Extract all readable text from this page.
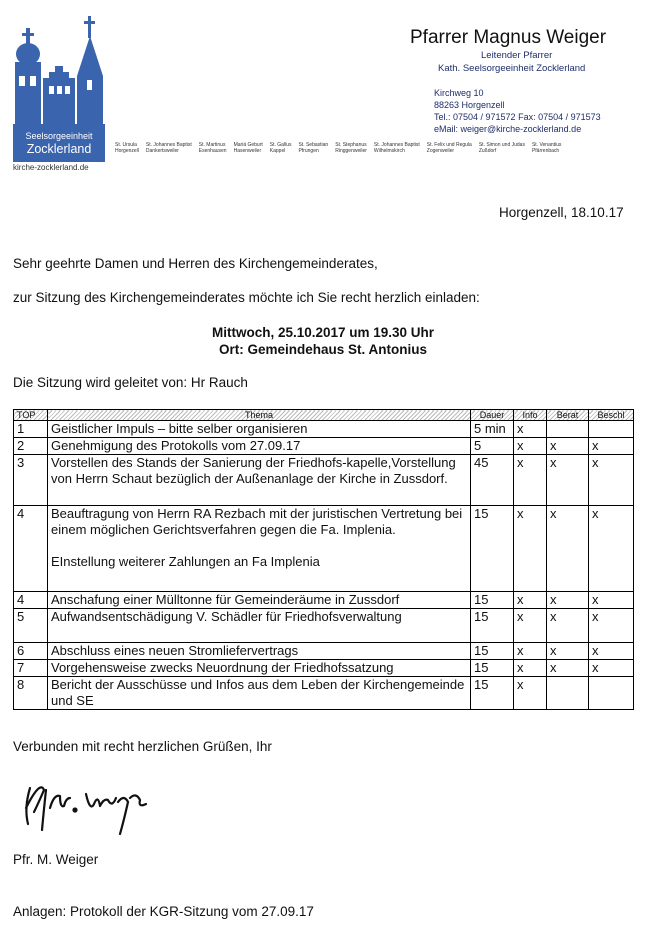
Seelsorgeeinheit
Zocklerland
kirche-zocklerland.de
St. Ursula
Horgenzell
St. Johannes Baptist
Dankertsweiler
St. Martinus
Esenhausen
Mariä Geburt
Hasenweiler
St. Gallus
Kappel
St. Sebastian
Pfrungen
St. Stephanus
Ringgenweiler
St. Johannes Baptist
Wilhelmskirch
St. Felix und Regula
Zogenweiler
St. Simon und Judas
Zußdorf
St. Venantius
Pfärrenbach
Pfarrer Magnus Weiger
Leitender Pfarrer
Kath. Seelsorgeeinheit Zocklerland
Kirchweg 10
88263 Horgenzell
Tel.: 07504 / 971572 Fax: 07504 / 971573
eMail: weiger@kirche-zocklerland.de
Horgenzell, 18.10.17
Sehr geehrte Damen und Herren des Kirchengemeinderates,
zur Sitzung des Kirchengemeinderates möchte ich Sie recht herzlich einladen:
Mittwoch, 25.10.2017 um 19.30 Uhr
Ort: Gemeindehaus St. Antonius
Die Sitzung wird geleitet von: Hr Rauch
TOP	Thema	Dauer	Info	Berat	Beschl
1	Geistlicher Impuls – bitte selber organisieren	5 min	x		
2	Genehmigung des Protokolls vom 27.09.17	5	x	x	x
3	Vorstellen des Stands der Sanierung der Friedhofs-kapelle,Vorstellung von Herrn Schaut bezüglich der Außenanlage der Kirche in Zussdorf.	45	x	x	x
4	Beauftragung von Herrn RA Rezbach mit der juristischen Vertretung bei einem möglichen Gerichtsverfahren gegen die Fa. Implenia.
EInstellung weiterer Zahlungen an Fa Implenia	15	x	x	x
4	Anschafung einer Mülltonne für Gemeinderäume in Zussdorf	15	x	x	x
5	Aufwandsentschädigung V. Schädler für Friedhofsverwaltung	15	x	x	x
6	Abschluss eines neuen Stromliefervertrags	15	x	x	x
7	Vorgehensweise zwecks Neuordnung der Friedhofssatzung	15	x	x	x
8	Bericht der Ausschüsse und Infos aus dem Leben der Kirchengemeinde und SE	15	x		
Verbunden mit recht herzlichen Grüßen, Ihr
Pfr. M. Weiger
Anlagen: Protokoll der KGR-Sitzung vom 27.09.17
